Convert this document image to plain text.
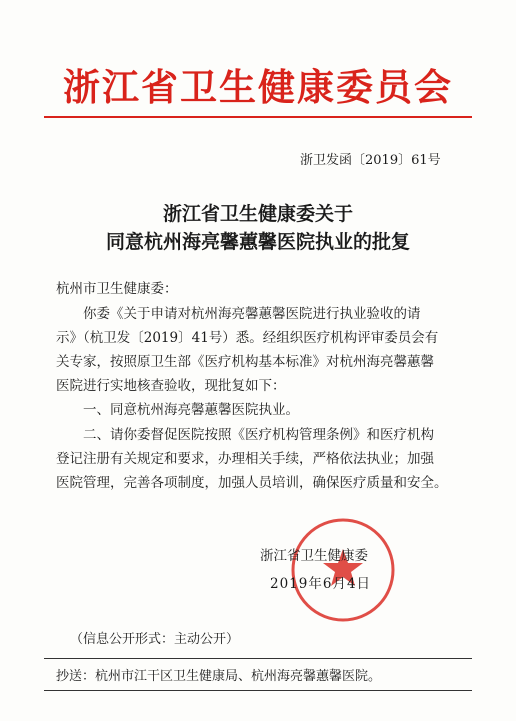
浙江省卫生健康委员会
浙卫发函〔2019〕61号
浙江省卫生健康委关于
同意杭州海亮馨蕙馨医院执业的批复
杭州市卫生健康委：
　　你委《关于申请对杭州海亮馨蕙馨医院进行执业验收的请
示》（杭卫发〔2019〕41号）悉。经组织医疗机构评审委员会有
关专家，按照原卫生部《医疗机构基本标准》对杭州海亮馨蕙馨
医院进行实地核查验收，现批复如下：
　　一、同意杭州海亮馨蕙馨医院执业。
　　二、请你委督促医院按照《医疗机构管理条例》和医疗机构
登记注册有关规定和要求，办理相关手续，严格依法执业；加强
医院管理，完善各项制度，加强人员培训，确保医疗质量和安全。
浙江省卫生健康委
2019年6月4日
（信息公开形式：主动公开）
抄送：杭州市江干区卫生健康局、杭州海亮馨蕙馨医院。
